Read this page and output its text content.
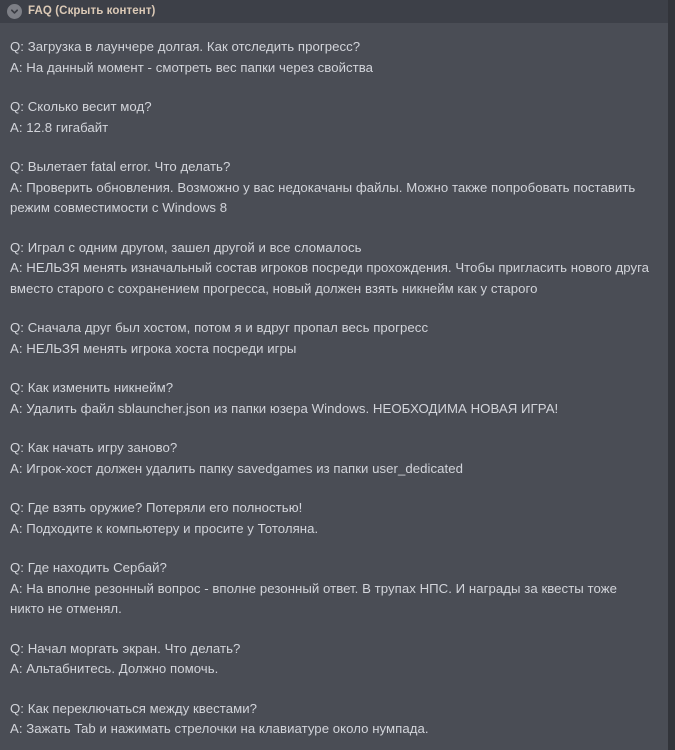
FAQ (Скрыть контент)
Q: Загрузка в лаунчере долгая. Как отследить прогресс?
A: На данный момент - смотреть вес папки через свойства
Q: Сколько весит мод?
A: 12.8 гигабайт
Q: Вылетает fatal error. Что делать?
A: Проверить обновления. Возможно у вас недокачаны файлы. Можно также попробовать поставить режим совместимости с Windows 8
Q: Играл с одним другом, зашел другой и все сломалось
A: НЕЛЬЗЯ менять изначальный состав игроков посреди прохождения. Чтобы пригласить нового друга вместо старого с сохранением прогресса, новый должен взять никнейм как у старого
Q: Сначала друг был хостом, потом я и вдруг пропал весь прогресс
A: НЕЛЬЗЯ менять игрока хоста посреди игры
Q: Как изменить никнейм?
A: Удалить файл sblauncher.json из папки юзера Windows. НЕОБХОДИМА НОВАЯ ИГРА!
Q: Как начать игру заново?
A: Игрок-хост должен удалить папку savedgames из папки user_dedicated
Q: Где взять оружие? Потеряли его полностью!
A: Подходите к компьютеру и просите у Тотоляна.
Q: Где находить Сербай?
A: На вполне резонный вопрос - вполне резонный ответ. В трупах НПС. И награды за квесты тоже никто не отменял.
Q: Начал моргать экран. Что делать?
A: Альтабнитесь. Должно помочь.
Q: Как переключаться между квестами?
A: Зажать Tab и нажимать стрелочки на клавиатуре около нумпада.
